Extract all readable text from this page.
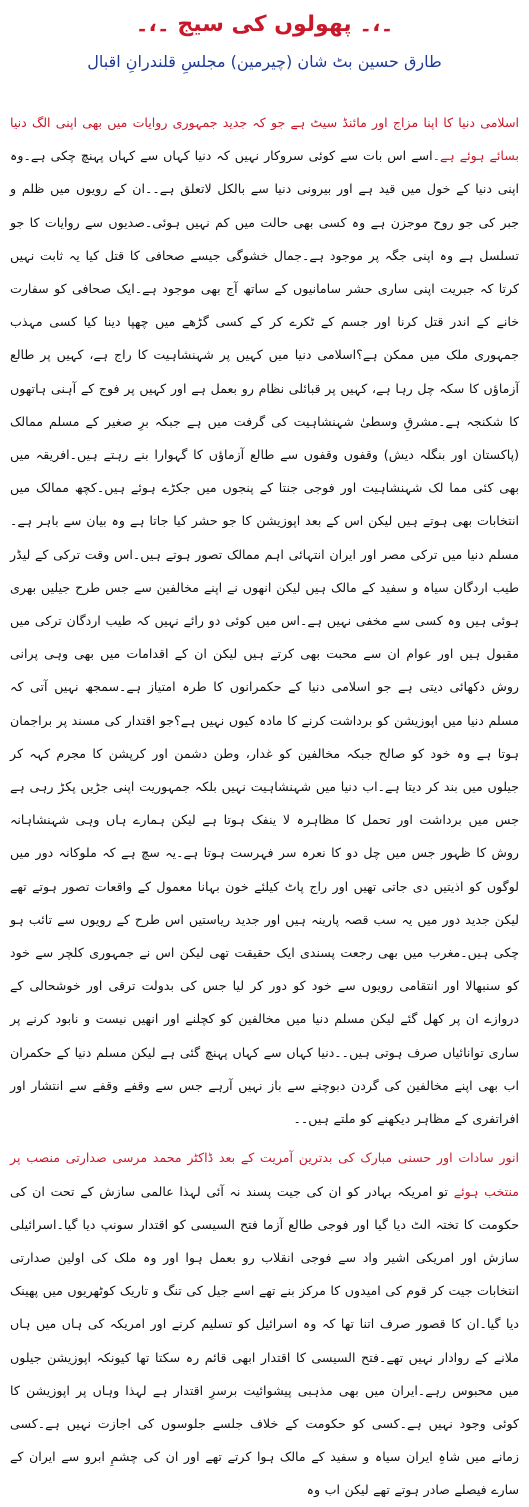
۔،۔ پھولوں کی سیج ۔،۔
طارق حسین بٹ شان (چیرمین) مجلسِ قلندرانِ اقبال

اسلامی دنیا کا اپنا مزاج اور مائنڈ سیٹ ہے جو کہ جدید جمہوری روایات میں بھی اپنی الگ دنیا بسائے ہوئے ہے۔اسے اس بات سے کوئی سروکار نہیں کہ دنیا کہاں سے کہاں پہنچ چکی ہے۔وہ اپنی دنیا کے خول میں قید ہے اور بیرونی دنیا سے بالکل لاتعلق ہے۔۔ان کے رویوں میں ظلم و جبر کی جو روح موجزن ہے وہ کسی بھی حالت میں کم نہیں ہوئی۔صدیوں سے روایات کا جو تسلسل ہے وہ اپنی جگہ پر موجود ہے۔جمال خشوگی جیسے صحافی کا قتل کیا یہ ثابت نہیں کرتا کہ جبریت اپنی ساری حشر سامانیوں کے ساتھ آج بھی موجود ہے۔ایک صحافی کو سفارت خانے کے اندر قتل کرنا اور جسم کے ٹکرے کر کے کسی گڑھے میں چھپا دینا کیا کسی مہذب جمہوری ملک میں ممکن ہے؟اسلامی دنیا میں کہیں پر شہنشاہیت کا راج ہے، کہیں پر طالع آزماؤں کا سکہ چل رہا ہے، کہیں پر قبائلی نظام رو بعمل ہے اور کہیں پر فوج کے آہنی ہاتھوں کا شکنجہ ہے۔مشرقِ وسطیٰ شہنشاہیت کی گرفت میں ہے جبکہ برِ صغیر کے مسلم ممالک (پاکستان اور بنگلہ دیش) وقفوں وقفوں سے طالع آزماؤں کا گہوارا بنے رہتے ہیں۔افریقہ میں بھی کئی مما لک شہنشاہیت اور فوجی جنتا کے پنجوں میں جکڑے ہوئے ہیں۔کچھ ممالک میں انتخابات بھی ہوتے ہیں لیکن اس کے بعد اپوزیشن کا جو حشر کیا جاتا ہے وہ بیان سے باہر ہے۔مسلم دنیا میں ترکی مصر اور ایران انتہائی اہم ممالک تصور ہوتے ہیں۔اس وقت ترکی کے لیڈر طیب اردگان سیاہ و سفید کے مالک ہیں لیکن انھوں نے اپنے مخالفین سے جس طرح جیلیں بھری ہوئی ہیں وہ کسی سے مخفی نہیں ہے۔اس میں کوئی دو رائے نہیں کہ طیب اردگان ترکی میں مقبول ہیں اور عوام ان سے محبت بھی کرتے ہیں لیکن ان کے اقدامات میں بھی وہی پرانی روش دکھائی دیتی ہے جو اسلامی دنیا کے حکمرانوں کا طرہ امتیاز ہے۔سمجھ نہیں آتی کہ مسلم دنیا میں اپوزیشن کو برداشت کرنے کا مادہ کیوں نہیں ہے؟جو اقتدار کی مسند پر براجمان ہوتا ہے وہ خود کو صالح جبکہ مخالفین کو غدار، وطن دشمن اور کرپشن کا مجرم کہہ کر جیلوں میں بند کر دیتا ہے۔اب دنیا میں شہنشاہیت نہیں بلکہ جمہوریت اپنی جڑیں پکڑ رہی ہے جس میں برداشت اور تحمل کا مظاہرہ لا ینفک ہوتا ہے لیکن ہمارے ہاں وہی شہنشاہانہ روش کا ظہور جس میں چل دو کا نعرہ سر فہرست ہوتا ہے۔یہ سچ ہے کہ ملوکانہ دور میں لوگوں کو اذیتیں دی جاتی تھیں اور راج پاٹ کیلئے خون بہانا معمول کے واقعات تصور ہوتے تھے لیکن جدید دور میں یہ سب قصہ پارینہ ہیں اور جدید ریاستیں اس طرح کے رویوں سے تائب ہو چکی ہیں۔مغرب میں بھی رجعت پسندی ایک حقیقت تھی لیکن اس نے جمہوری کلچر سے خود کو سنبھالا اور انتقامی رویوں سے خود کو دور کر لیا جس کی بدولت ترقی اور خوشحالی کے دروازے ان پر کھل گئے لیکن مسلم دنیا میں مخالفین کو کچلنے اور انھیں نیست و نابود کرنے پر ساری توانائیاں صرف ہوتی ہیں۔۔دنیا کہاں سے کہاں پہنچ گئی ہے لیکن مسلم دنیا کے حکمران اب بھی اپنے مخالفین کی گردن دبوچنے سے باز نہیں آرہے جس سے وقفے وقفے سے انتشار اور افراتفری کے مظاہر دیکھنے کو ملتے ہیں۔۔

انور سادات اور حسنی مبارک کی بدترین آمریت کے بعد ڈاکٹر محمد مرسی صدارتی منصب پر منتخب ہوئے تو امریکہ بہادر کو ان کی جیت پسند نہ آئی لہذا عالمی سازش کے تحت ان کی حکومت کا تختہ الٹ دیا گیا اور فوجی طالع آزما فتح السیسی کو اقتدار سونپ دیا گیا۔اسرائیلی سازش اور امریکی اشیر واد سے فوجی انقلاب رو بعمل ہوا اور وہ ملک کی اولین صدارتی انتخابات جیت کر قوم کی امیدوں کا مرکز بنے تھے اسے جیل کی تنگ و تاریک کوٹھریوں میں پھینک دیا گیا۔ان کا قصور صرف اتنا تھا کہ وہ اسرائیل کو تسلیم کرنے اور امریکہ کی ہاں میں ہاں ملانے کے روادار نہیں تھے۔فتح السیسی کا اقتدار ابھی قائم رہ سکتا تھا کیونکہ اپوزیشن جیلوں میں محبوس رہے۔ایران میں بھی مذہبی پیشوائیت برسرِ اقتدار ہے لہذا وہاں پر اپوزیشن کا کوئی وجود نہیں ہے۔کسی کو حکومت کے خلاف جلسے جلوسوں کی اجازت نہیں ہے۔کسی زمانے میں شاہِ ایران سیاہ و سفید کے مالک ہوا کرتے تھے اور ان کی چشمِ ابرو سے ایران کے سارے فیصلے صادر ہوتے تھے لیکن اب وہ
